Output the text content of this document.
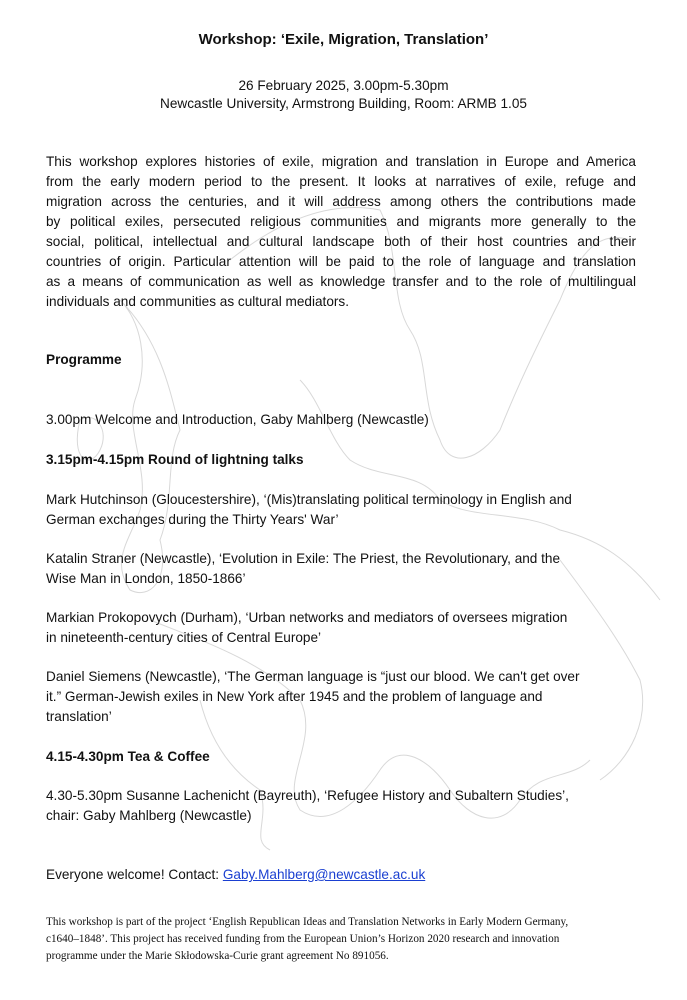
Workshop: ‘Exile, Migration, Translation’
26 February 2025, 3.00pm-5.30pm
Newcastle University, Armstrong Building, Room: ARMB 1.05
This workshop explores histories of exile, migration and translation in Europe and America
from the early modern period to the present. It looks at narratives of exile, refuge and
migration across the centuries, and it will address among others the contributions made
by political exiles, persecuted religious communities and migrants more generally to the
social, political, intellectual and cultural landscape both of their host countries and their
countries of origin. Particular attention will be paid to the role of language and translation
as a means of communication as well as knowledge transfer and to the role of multilingual
individuals and communities as cultural mediators.
Programme
3.00pm Welcome and Introduction, Gaby Mahlberg (Newcastle)
3.15pm-4.15pm Round of lightning talks
Mark Hutchinson (Gloucestershire), ‘(Mis)translating political terminology in English and
German exchanges during the Thirty Years' War’
Katalin Straner (Newcastle), ‘Evolution in Exile: The Priest, the Revolutionary, and the
Wise Man in London, 1850-1866’
Markian Prokopovych (Durham), ‘Urban networks and mediators of oversees migration
in nineteenth-century cities of Central Europe’
Daniel Siemens (Newcastle), ‘The German language is “just our blood. We can't get over
it.” German-Jewish exiles in New York after 1945 and the problem of language and
translation’
4.15-4.30pm Tea & Coffee
4.30-5.30pm Susanne Lachenicht (Bayreuth), ‘Refugee History and Subaltern Studies’,
chair: Gaby Mahlberg (Newcastle)
Everyone welcome! Contact: Gaby.Mahlberg@newcastle.ac.uk
This workshop is part of the project ‘English Republican Ideas and Translation Networks in Early Modern Germany,
c1640–1848’. This project has received funding from the European Union’s Horizon 2020 research and innovation
programme under the Marie Skłodowska-Curie grant agreement No 891056.
